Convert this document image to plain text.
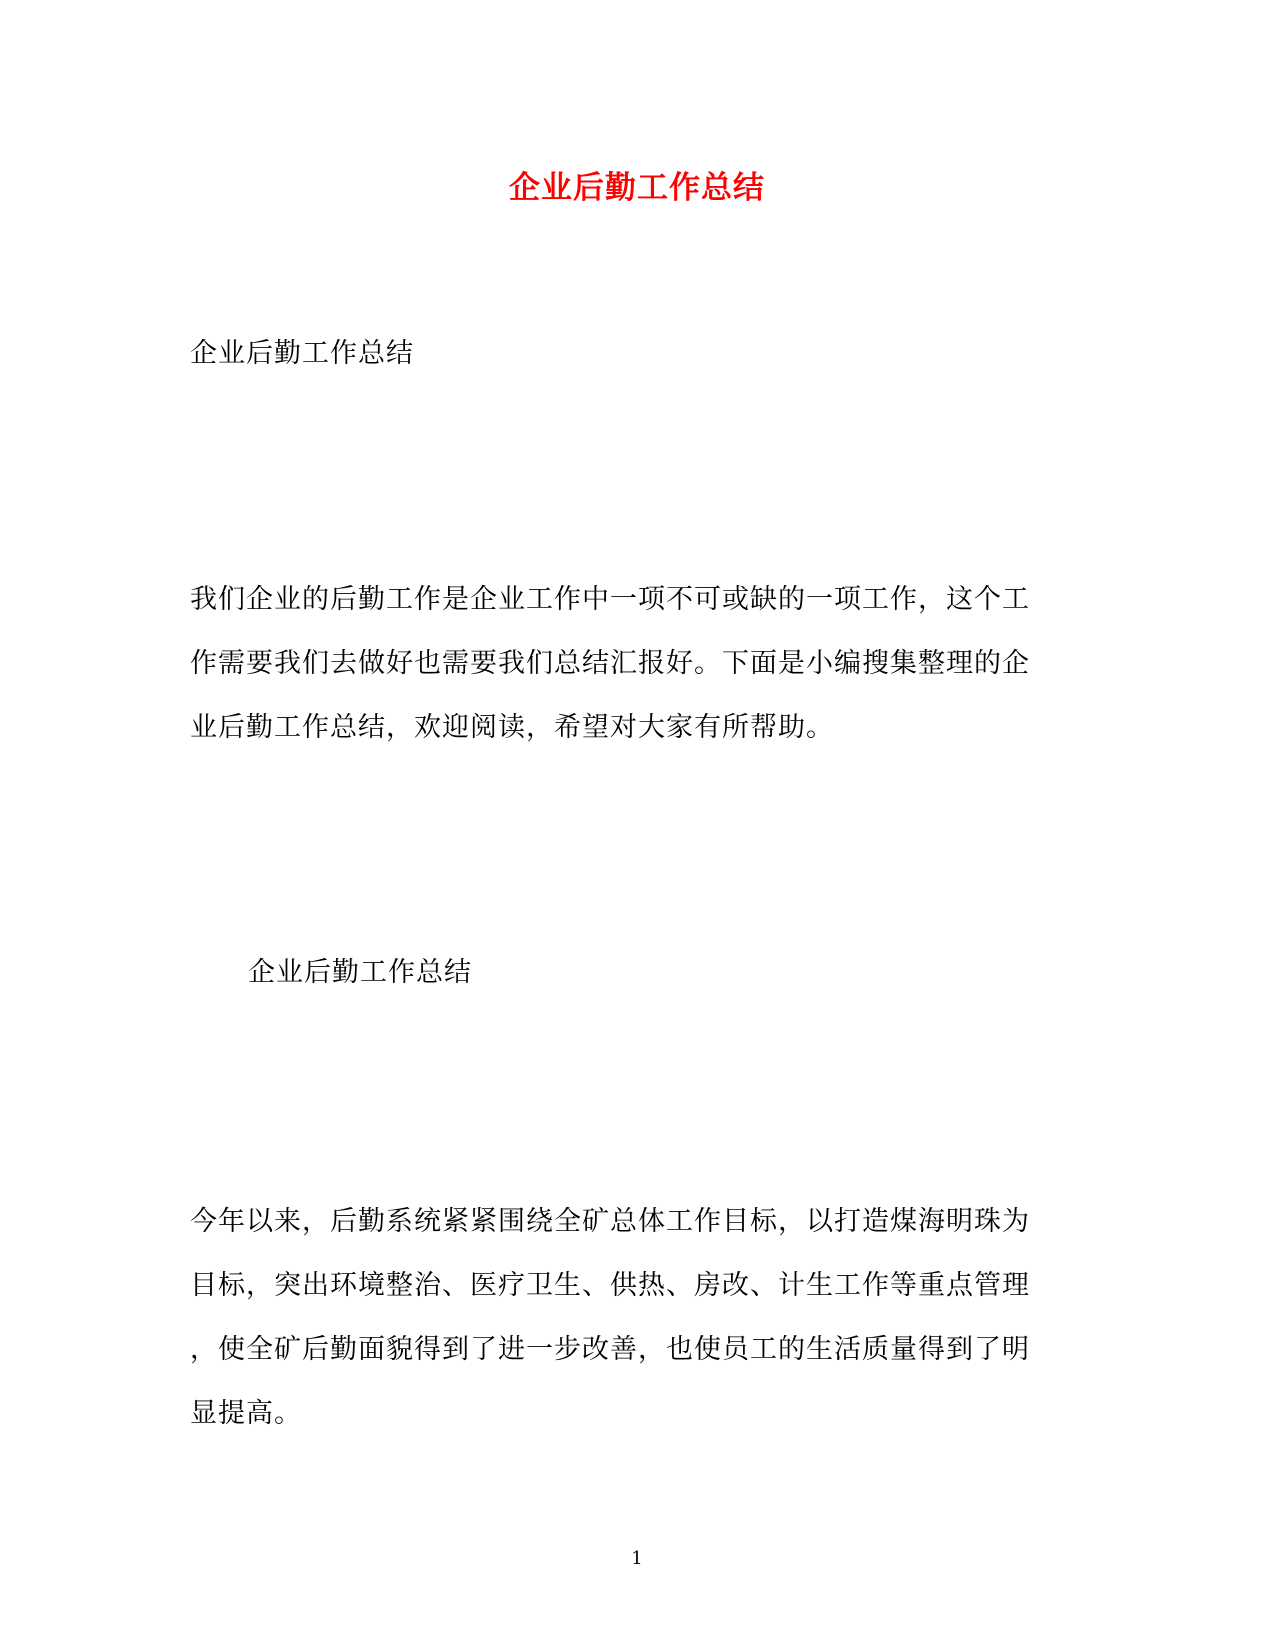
企业后勤工作总结

企业后勤工作总结

我们企业的后勤工作是企业工作中一项不可或缺的一项工作，这个工

作需要我们去做好也需要我们总结汇报好。下面是小编搜集整理的企

业后勤工作总结，欢迎阅读，希望对大家有所帮助。

企业后勤工作总结

今年以来，后勤系统紧紧围绕全矿总体工作目标，以打造煤海明珠为

目标，突出环境整治、医疗卫生、供热、房改、计生工作等重点管理

，使全矿后勤面貌得到了进一步改善，也使员工的生活质量得到了明

显提高。

1
